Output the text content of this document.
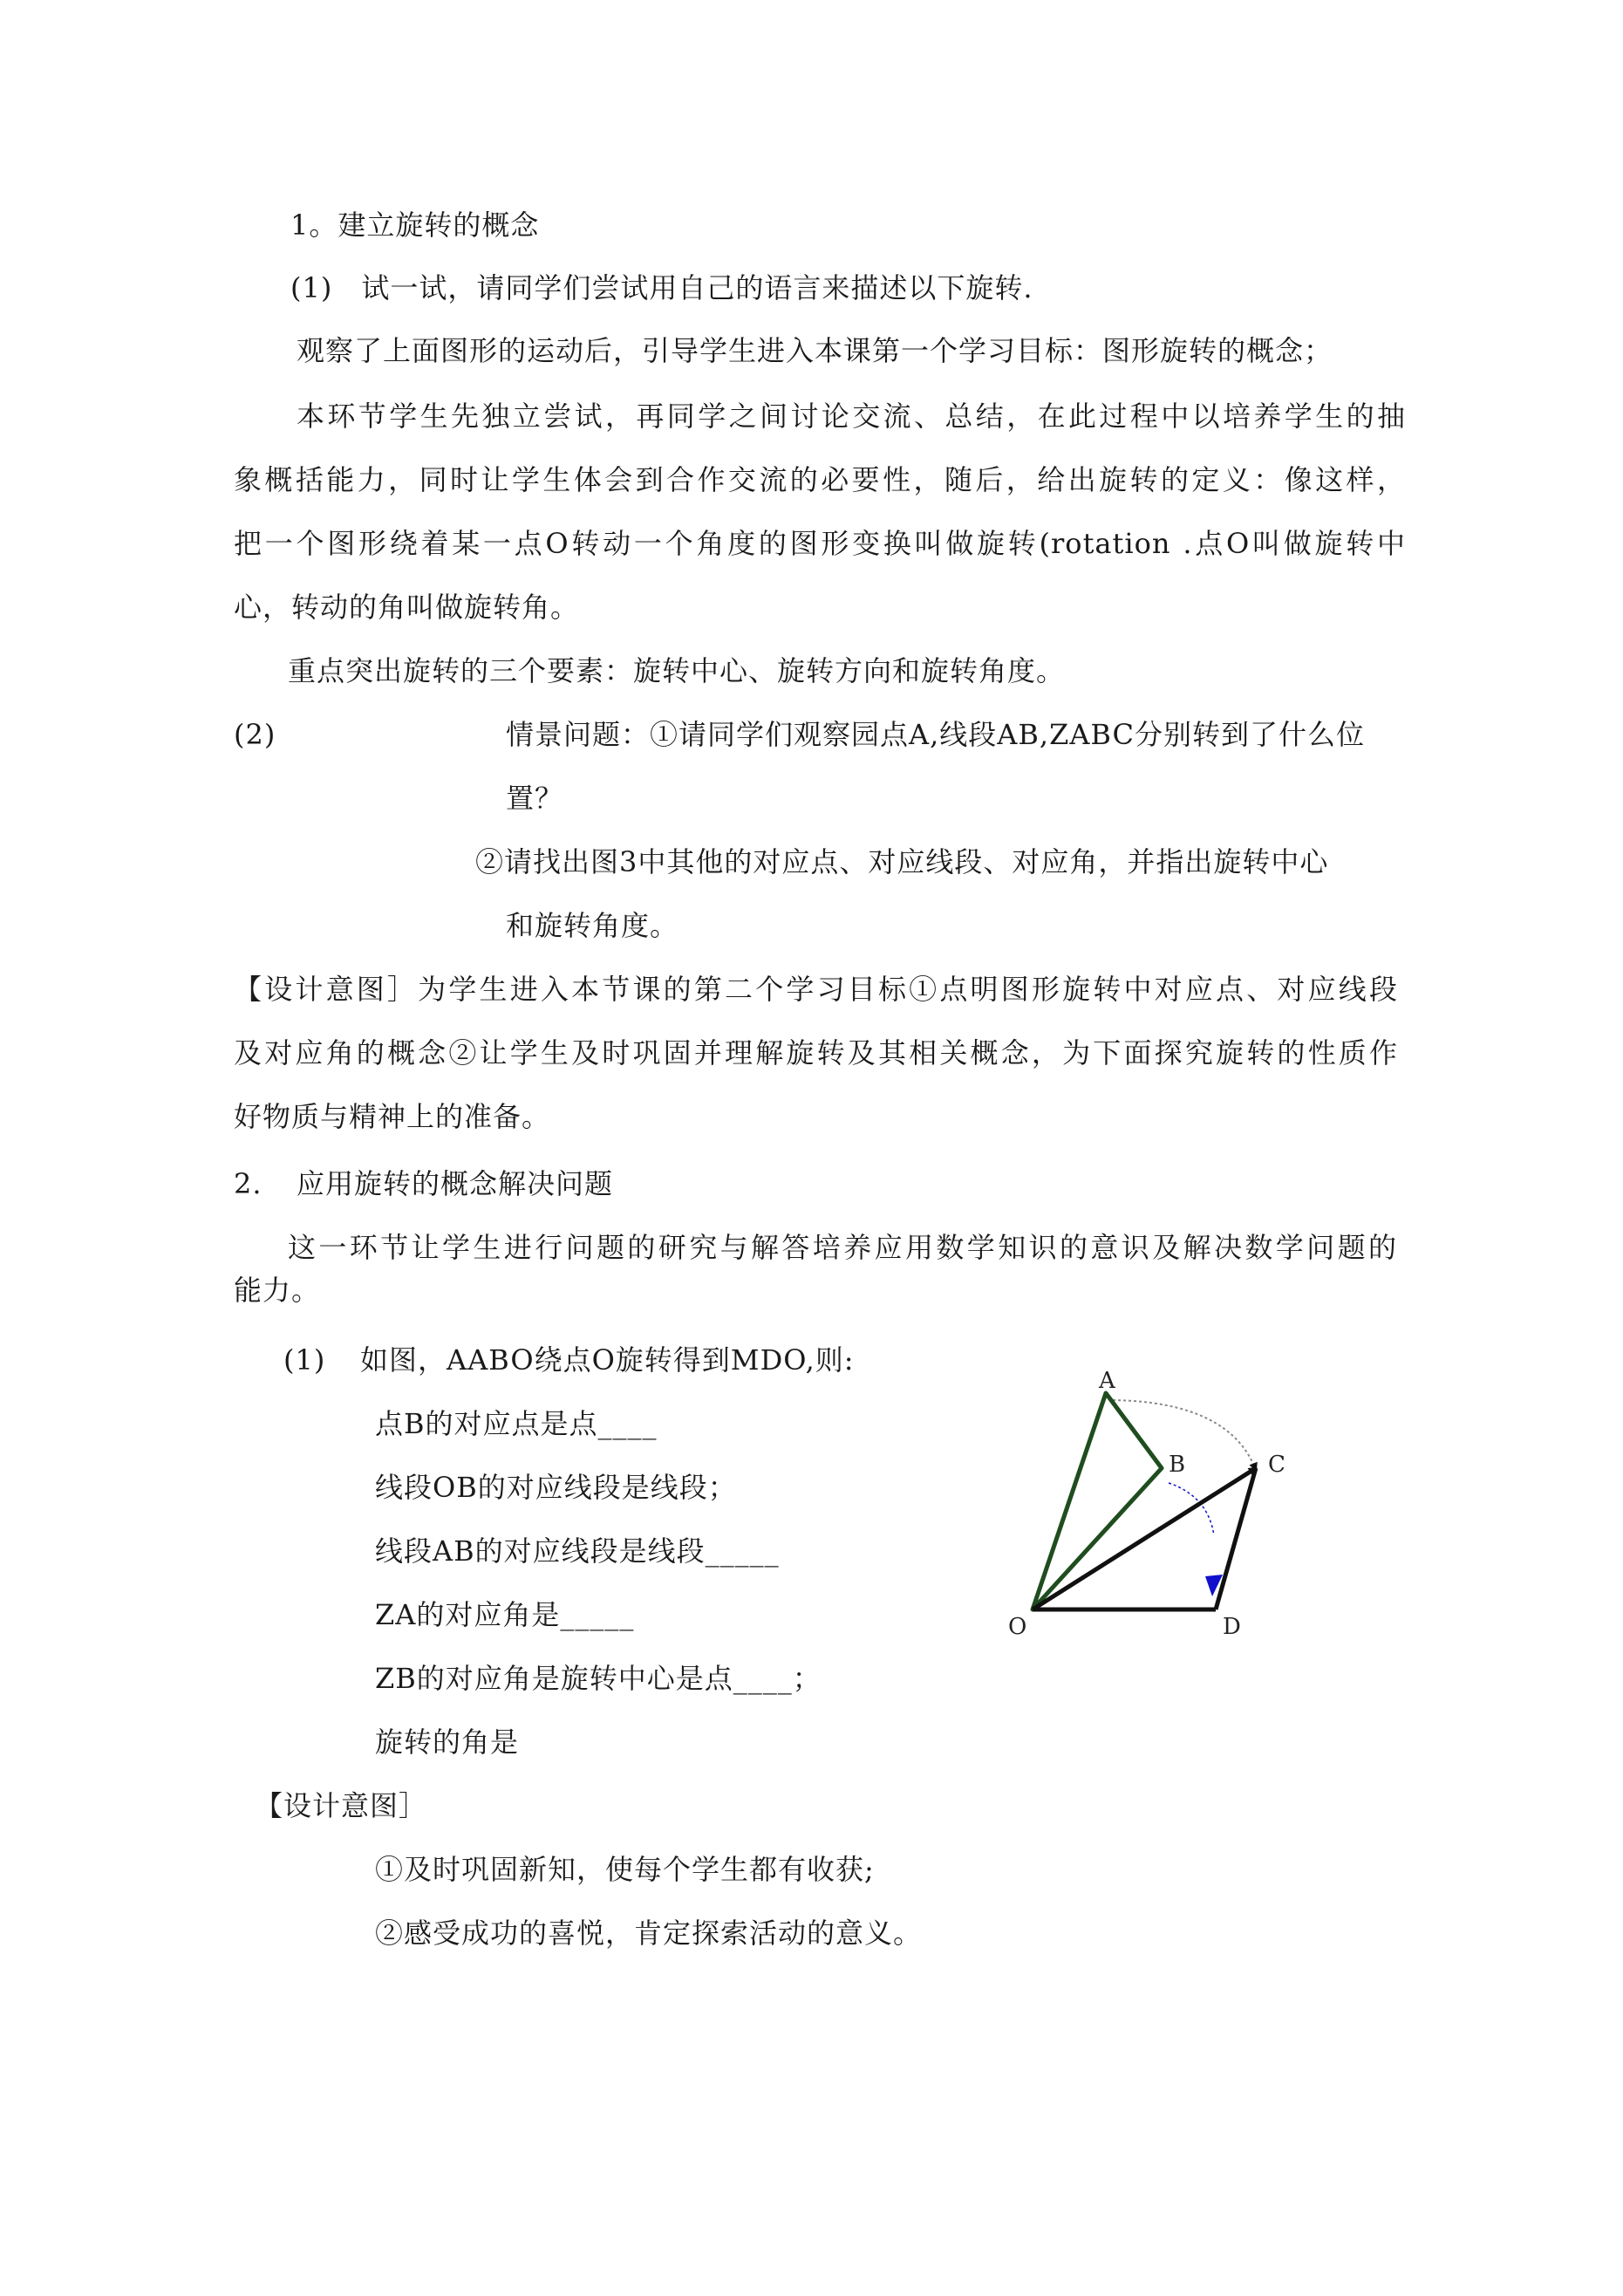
1。建立旋转的概念
(1)　试一试，请同学们尝试用自己的语言来描述以下旋转.
观察了上面图形的运动后，引导学生进入本课第一个学习目标：图形旋转的概念；
本环节学生先独立尝试，再同学之间讨论交流、总结，在此过程中以培养学生的抽
象概括能力，同时让学生体会到合作交流的必要性，随后，给出旋转的定义：像这样，
把一个图形绕着某一点O转动一个角度的图形变换叫做旋转(rotation .点O叫做旋转中
心，转动的角叫做旋转角。
重点突出旋转的三个要素：旋转中心、旋转方向和旋转角度。
(2)	情景问题：①请同学们观察园点A,线段AB,ZABC分别转到了什么位
置？
②请找出图3中其他的对应点、对应线段、对应角，并指出旋转中心
和旋转角度。
【设计意图］为学生进入本节课的第二个学习目标①点明图形旋转中对应点、对应线段
及对应角的概念②让学生及时巩固并理解旋转及其相关概念，为下面探究旋转的性质作
好物质与精神上的准备。
2. 应用旋转的概念解决问题
这一环节让学生进行问题的研究与解答培养应用数学知识的意识及解决数学问题的
能力。
(1) 如图，AABO绕点O旋转得到MDO,则:
点B的对应点是点____
线段OB的对应线段是线段；
线段AB的对应线段是线段_____
ZA的对应角是_____
ZB的对应角是旋转中心是点____；
旋转的角是
【设计意图］
①及时巩固新知，使每个学生都有收获;
②感受成功的喜悦，肯定探索活动的意义。
A
B	C
D
O
